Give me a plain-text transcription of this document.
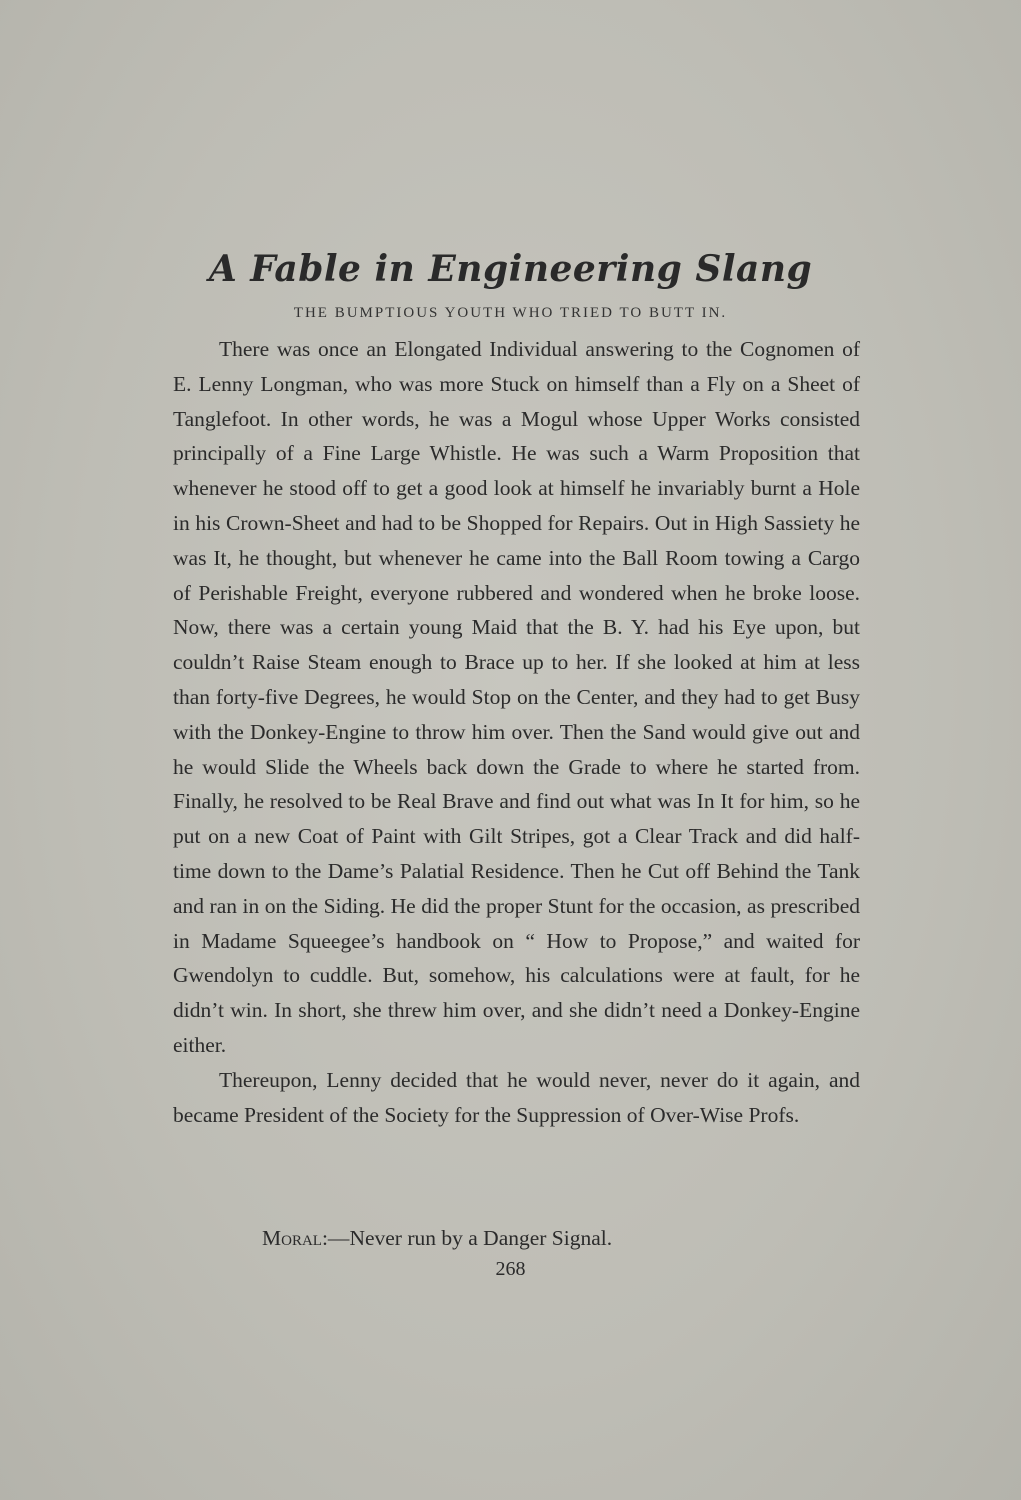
A Fable in Engineering Slang
THE BUMPTIOUS YOUTH WHO TRIED TO BUTT IN.

There was once an Elongated Individual answering to the Cognomen of E. Lenny Longman, who was more Stuck on himself than a Fly on a Sheet of Tanglefoot. In other words, he was a Mogul whose Upper Works consisted principally of a Fine Large Whistle. He was such a Warm Proposition that whenever he stood off to get a good look at himself he invariably burnt a Hole in his Crown-Sheet and had to be Shopped for Repairs. Out in High Sassiety he was It, he thought, but whenever he came into the Ball Room towing a Cargo of Perishable Freight, everyone rubbered and wondered when he broke loose. Now, there was a certain young Maid that the B. Y. had his Eye upon, but couldn’t Raise Steam enough to Brace up to her. If she looked at him at less than forty-five Degrees, he would Stop on the Center, and they had to get Busy with the Donkey-Engine to throw him over. Then the Sand would give out and he would Slide the Wheels back down the Grade to where he started from. Finally, he resolved to be Real Brave and find out what was In It for him, so he put on a new Coat of Paint with Gilt Stripes, got a Clear Track and did half-time down to the Dame’s Palatial Residence. Then he Cut off Behind the Tank and ran in on the Siding. He did the proper Stunt for the occasion, as prescribed in Madame Squeegee’s handbook on “ How to Propose,” and waited for Gwendolyn to cuddle. But, somehow, his calculations were at fault, for he didn’t win. In short, she threw him over, and she didn’t need a Donkey-Engine either.

Thereupon, Lenny decided that he would never, never do it again, and became President of the Society for the Suppression of Over-Wise Profs.

Moral:—Never run by a Danger Signal.
268
